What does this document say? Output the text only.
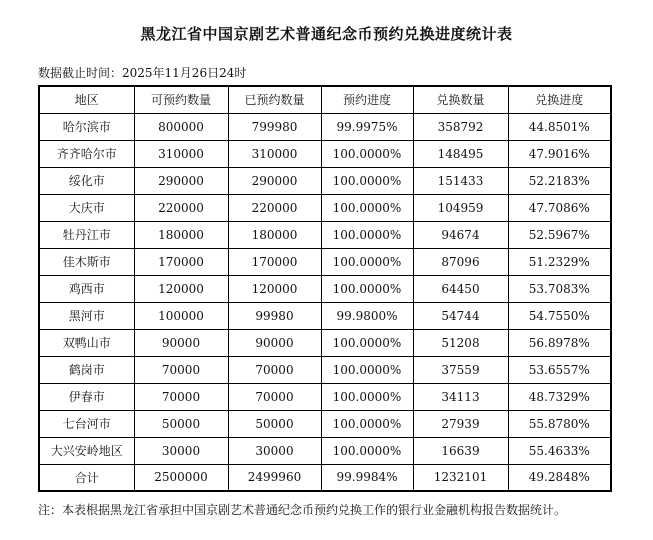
黑龙江省中国京剧艺术普通纪念币预约兑换进度统计表
数据截止时间：2025年11月26日24时
地区	可预约数量	已预约数量	预约进度	兑换数量	兑换进度
哈尔滨市	800000	799980	99.9975%	358792	44.8501%
齐齐哈尔市	310000	310000	100.0000%	148495	47.9016%
绥化市	290000	290000	100.0000%	151433	52.2183%
大庆市	220000	220000	100.0000%	104959	47.7086%
牡丹江市	180000	180000	100.0000%	94674	52.5967%
佳木斯市	170000	170000	100.0000%	87096	51.2329%
鸡西市	120000	120000	100.0000%	64450	53.7083%
黑河市	100000	99980	99.9800%	54744	54.7550%
双鸭山市	90000	90000	100.0000%	51208	56.8978%
鹤岗市	70000	70000	100.0000%	37559	53.6557%
伊春市	70000	70000	100.0000%	34113	48.7329%
七台河市	50000	50000	100.0000%	27939	55.8780%
大兴安岭地区	30000	30000	100.0000%	16639	55.4633%
合计	2500000	2499960	99.9984%	1232101	49.2848%
注：本表根据黑龙江省承担中国京剧艺术普通纪念币预约兑换工作的银行业金融机构报告数据统计。
